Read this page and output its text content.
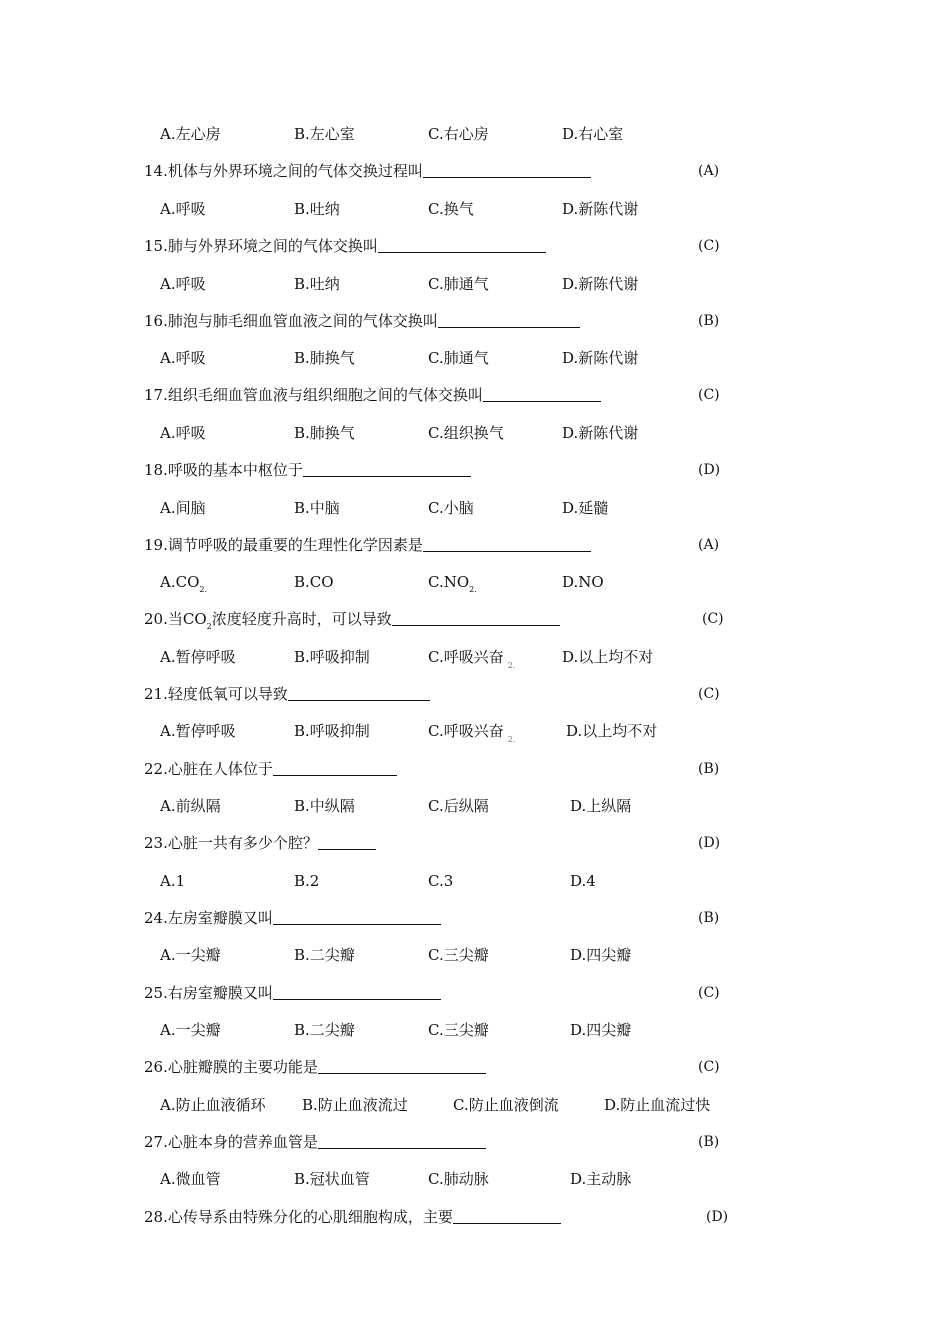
A.左心房	B.左心室	C.右心房	D.右心室
14.机体与外界环境之间的气体交换过程叫	(A)
A.呼吸	B.吐纳	C.换气	D.新陈代谢
15.肺与外界环境之间的气体交换叫	(C)
A.呼吸	B.吐纳	C.肺通气	D.新陈代谢
16.肺泡与肺毛细血管血液之间的气体交换叫	(B)
A.呼吸	B.肺换气	C.肺通气	D.新陈代谢
17.组织毛细血管血液与组织细胞之间的气体交换叫	(C)
A.呼吸	B.肺换气	C.组织换气	D.新陈代谢
18.呼吸的基本中枢位于	(D)
A.间脑	B.中脑	C.小脑	D.延髓
19.调节呼吸的最重要的生理性化学因素是	(A)
$A.CO_{2.}$	B.CO	$C.NO_{2.}$	D.NO
20.当$CO_2$浓度轻度升高时，可以导致	(C)
A.暂停呼吸	B.呼吸抑制	C.呼吸兴奋 $_{2.}$	D.以上均不对
21.轻度低氧可以导致	(C)
A.暂停呼吸	B.呼吸抑制	C.呼吸兴奋 $_{2.}$	D.以上均不对
22.心脏在人体位于	(B)
A.前纵隔	B.中纵隔	C.后纵隔	D.上纵隔
23.心脏一共有多少个腔？	(D)
A.1	B.2	C.3	D.4
24.左房室瓣膜又叫	(B)
A.一尖瓣	B.二尖瓣	C.三尖瓣	D.四尖瓣
25.右房室瓣膜又叫	(C)
A.一尖瓣	B.二尖瓣	C.三尖瓣	D.四尖瓣
26.心脏瓣膜的主要功能是	(C)
A.防止血液循环 B.防止血液流过	C.防止血液倒流	D.防止血流过快
27.心脏本身的营养血管是	(B)
A.微血管	B.冠状血管	C.肺动脉	D.主动脉
28.心传导系由特殊分化的心肌细胞构成，主要	(D)
